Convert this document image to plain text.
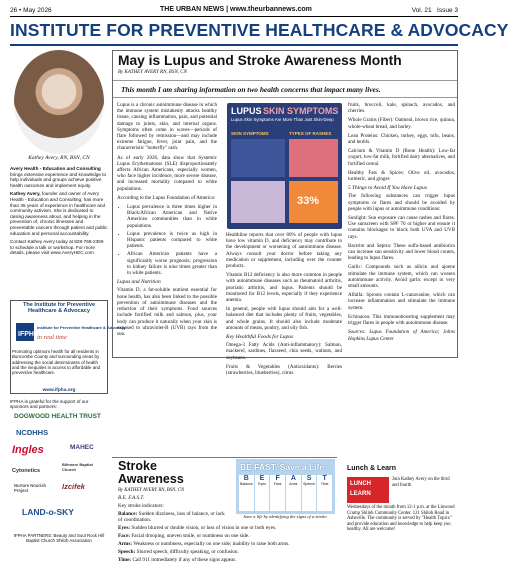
26 • May 2026	THE URBAN NEWS | www.theurbannews.com	Vol. 21 Issue 3
INSTITUTE FOR PREVENTIVE HEALTHCARE & ADVOCACY
Kathey Avery, RN, BSN, CN

Avery Health - Education and Consulting brings extensive experience and knowledge to help individuals and groups achieve positive health outcomes and implement equity.

Kathey Avery, founder and owner of Avery Health - Education and Consulting, has more than 35 years of experience in healthcare and community activism. She is dedicated to raising awareness about, and helping in the prevention of, chronic illnesses and preventable cancers through patient and public education and personal accountability.

Contact Kathey Avery today at 828-768-2369 to schedule a talk or workshop. For more details, please visit www.AveryHEC.com

The Institute for Preventive Healthcare & Advocacy
IFPHA
Institute for Preventive Healthcare & Advocacy
in real time
Promoting optimum health for all residents in Buncombe County and surrounding areas by addressing the social determinants of health and the inequities in access to affordable and preventive healthcare.
www.ifpha.org
IFPHA is grateful for the support of our sponsors and partners:
DOGWOOD HEALTH TRUST
NCDHHS
Ingles	MAHEC
Cytonetics
Biltmore Baptist Church
Nurture Nourish Project	Izcifek
LAND-o-SKY
IFPHA PARTNERS: Beauty and Soul Rock Hill Baptist Church Shiloh Association
May is Lupus and Stroke Awareness Month
By KATHEY AVERY RN, BSN, CN
This month I am sharing information on two health concerns that impact many lives.

Lupus is a chronic autoimmune disease in which the immune system mistakenly attacks healthy tissue, causing inflammation, pain, and potential damage to joints, skin, and internal organs. Symptoms often come in waves—periods of flare followed by remission—and may include extreme fatigue, fever, joint pain, and the characteristic "butterfly" rash.

As of early 2026, data show that Systemic Lupus Erythematosus (SLE) disproportionately affects African Americans, especially women, who face higher incidence, more severe disease, and increased mortality compared to white populations.

According to the Lupus Foundation of America:

• Lupus prevalence is three times higher in Black/African American and Native American communities than in white populations.
• Lupus prevalence is twice as high in Hispanic patients compared to white patients.
• African American patients have a significantly worse prognosis; progression to kidney failure is nine times greater than in white patients.
Lupus and Nutrition

Vitamin D, a fat-soluble nutrient essential for bone health, has also been linked to the possible prevention of autoimmune diseases and the reduction of their symptoms. Food sources include fortified milk and salmon, plus, your body can produce it naturally when your skin is exposed to ultraviolet-B (UVB) rays from the sun.

LUPUS SKIN SYMPTOMS
Lupus Skin Symptoms Are More Than Just Skin-Deep
SKIN SYMPTOMS	TYPES OF RASHES
33%

Healthline reports that over 80% of people with lupus have low vitamin D, and deficiency may contribute to the development or worsening of autoimmune disease. Always consult your doctor before taking any medication or supplement, including over the counter products.

Vitamin B12 deficiency is also more common in people with autoimmune diseases such as rheumatoid arthritis, psoriatic arthritis, and lupus. Patients should be monitored for B12 levels, especially if they experience anemia.

In general, people with lupus should aim for a well-balanced diet that includes plenty of fruits, vegetables, and whole grains. It should also include moderate amounts of meats, poultry, and oily fish.

Key Healthful Foods for Lupus

Omega-3 Fatty Acids (Anti-inflammatory): Salmon, mackerel, sardines, flaxseed, chia seeds, walnuts, and soybeans.

Fruits & Vegetables (Antioxidants): Berries (strawberries, blueberries), citrus

fruits, broccoli, kale, spinach, avocados, and cherries.

Whole Grains (Fiber): Oatmeal, brown rice, quinoa, whole-wheat bread, and barley.

Lean Proteins: Chicken, turkey, eggs, tofu, beans, and lentils.

Calcium & Vitamin D (Bone Health): Low-fat yogurt, low-fat milk, fortified dairy alternatives, and fortified cereal.

Healthy Fats & Spices: Olive oil, avocados, turmeric, and ginger.

5 Things to Avoid If You Have Lupus

The following substances can trigger lupus symptoms or flares and should be avoided by people with lupus or autoimmune conditions:

Sunlight: Sun exposure can cause rashes and flares. Use sunscreen with SPF 70 or higher and ensure it contains blockages to block both UVA and UVB rays.

Bactrim and Septra: These sulfa-based antibiotics can increase sun sensitivity and lower blood counts, leading to lupus flares.

Garlic: Compounds such as allicin and ajoene stimulate the immune system, which can worsen autoimmune activity. Avoid garlic except in very small amounts.

Alfalfa: Sprouts contain L-canavanine, which can increase inflammation and stimulate the immune system.

Echinacea: This immunoboosting supplement may trigger flares in people with autoimmune disease.

Sources: Lupus Foundation of America; Johns Hopkins Lupus Center

Stroke
Awareness
By KATHEY AVERY RN, BSN, CN
BE FAST, Save a Life
B
Balance
E
Eyes
F
Face
A
Arms
S
Speech
T
Time
Save a life by identifying the signs of a stroke.

B.E. F.A.S.T.

Key stroke indicators:

Balance: Sudden dizziness, loss of balance, or lack of coordination.

Eyes: Sudden blurred or double vision, or loss of vision in one or both eyes.

Face: Facial drooping, uneven smile, or numbness on one side.

Arms: Weakness or numbness, especially on one side; inability to raise both arms.

Speech: Slurred speech, difficulty speaking, or confusion.

Time: Call 911 immediately if any of these signs appear.

Lunch & Learn
LUNCH
LEARN
Join Kathey Avery on the third and fourth
Wednesdays of the month from 12-1 p.m. at the Linwood Crump Shiloh Community Center. 121 Shiloh Road in Asheville. The community is served by "Health Topics" and provide education and knowledge to help keep you healthy. All are welcome!
